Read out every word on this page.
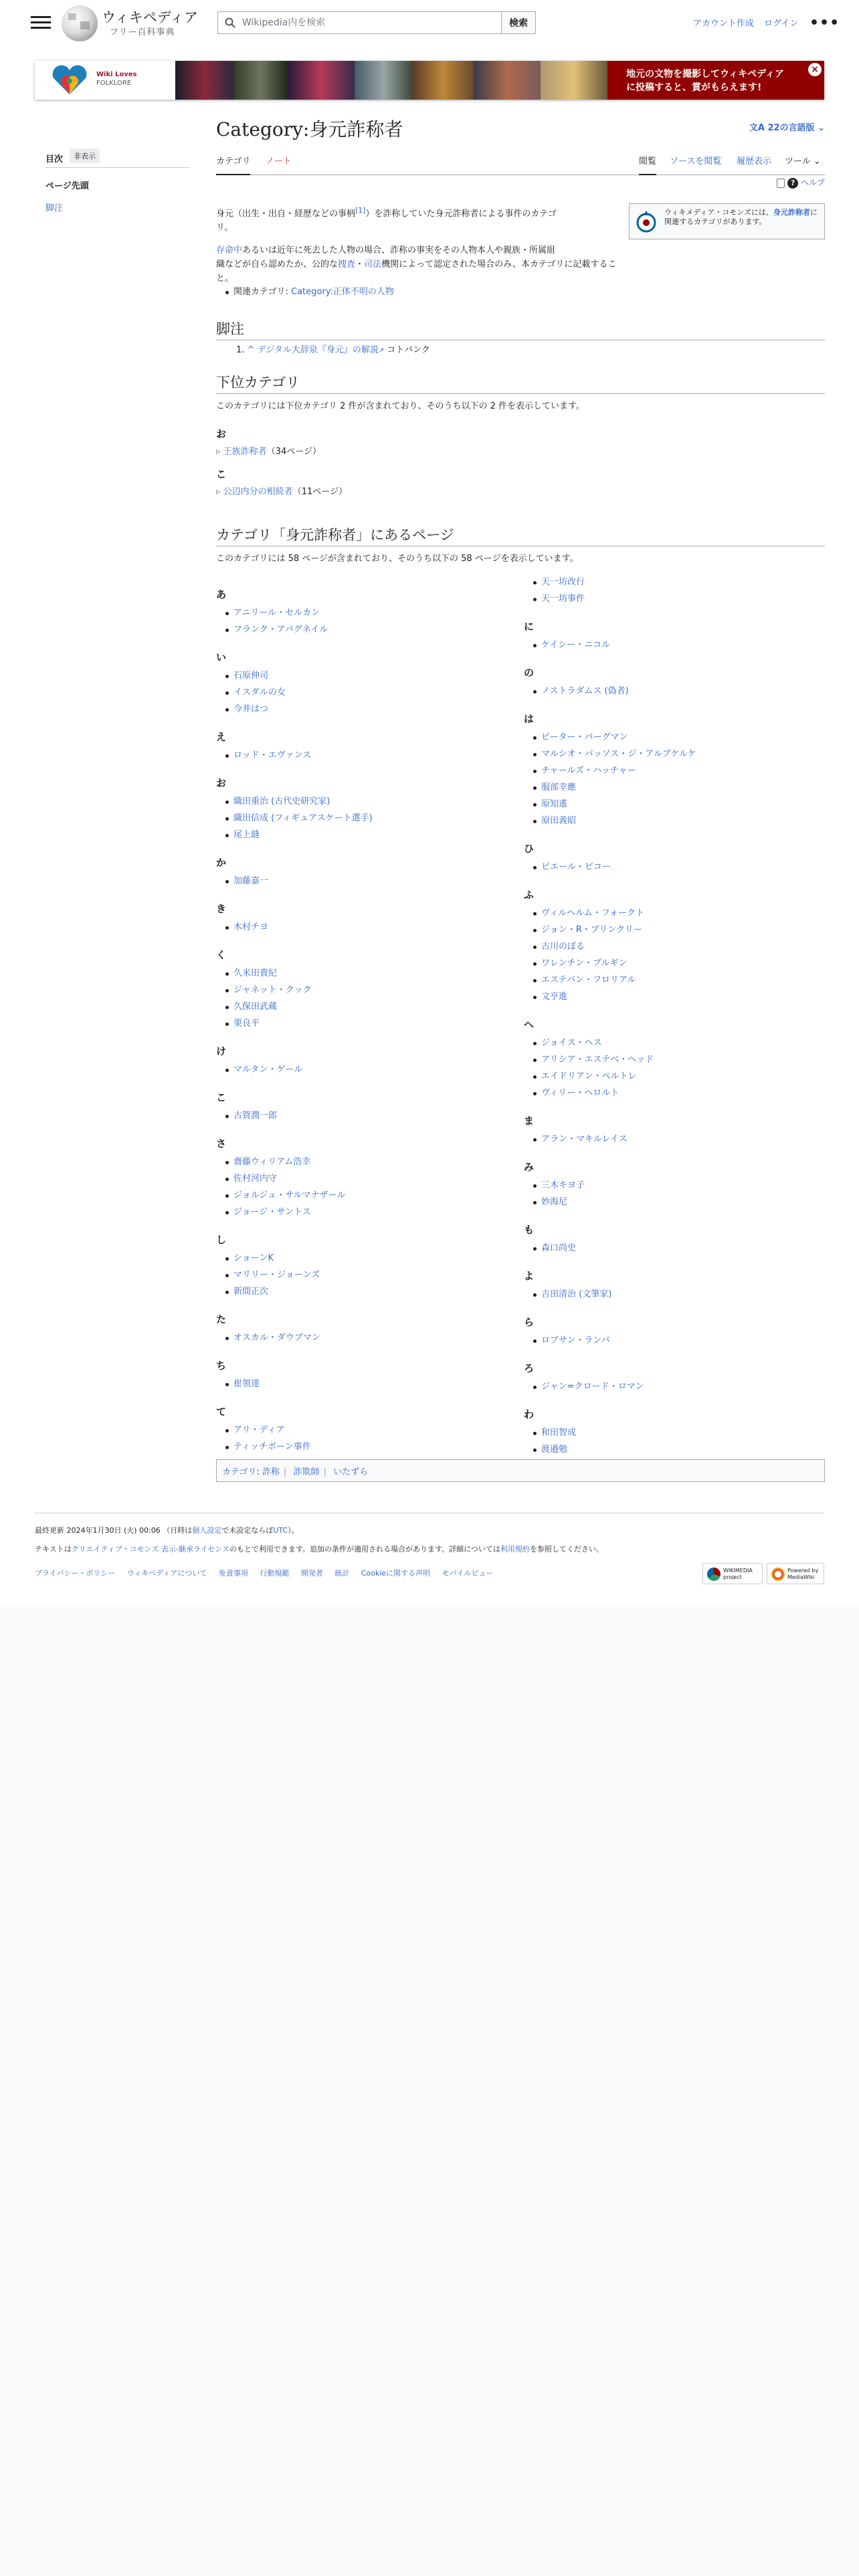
ウィキペディア
フリー百科事典
Wikipedia内を検索
検索	アカウント作成 ログイン •••
Wiki Loves
FOLKLORE
地元の文物を撮影してウィキペディア
に投稿すると、賞がもらえます!
×
目次	非表示
ページ先頭
脚注
Category:身元詐称者	文A 22の言語版 ⌄
カテゴリ ノート	閲覧 ソースを閲覧 履歴表示 ツール ⌄
? ヘルプ
ウィキメディア・コモンズには、身元詐称者に関連するカテゴリがあります。
身元（出生・出自・経歴などの事柄[1]）を詐称していた身元詐称者による事件のカテゴ
リ。
存命中あるいは近年に死去した人物の場合、詐称の事実をその人物本人や親族・所属組
織などが自ら認めたか、公的な捜査・司法機関によって認定された場合のみ、本カテゴリに記載すること。
関連カテゴリ: Category:正体不明の人物
脚注
1. ^ デジタル大辞泉『身元』の解説↗ コトバンク
下位カテゴリ
このカテゴリには下位カテゴリ 2 件が含まれており、そのうち以下の 2 件を表示しています。
お
▹ 王族詐称者（34ページ）
こ
▹ 公辺内分の相続者（11ページ）
カテゴリ「身元詐称者」にあるページ
このカテゴリには 58 ページが含まれており、そのうち以下の 58 ページを表示しています。
あ
アニリール・セルカン
フランク・アバグネイル
い
石原伸司
イスダルの女
今井はつ
え
ロッド・エヴァンス
お
織田重治 (古代史研究家)
織田信成 (フィギュアスケート選手)
尾上縫
か
加藤嘉一
き
木村チヨ
く
久米田貴紀
ジャネット・クック
久保田武蔵
栗良平
け
マルタン・ゲール
こ
古賀潤一郎
さ
齋藤ウィリアム浩幸
佐村河内守
ジョルジュ・サルマナザール
ジョージ・サントス
し
ショーンK
マリリー・ジョーンズ
新間正次
た
オスカル・ダウブマン
ち
崔領達
て
アリ・ディア
ティッチボーン事件
天一坊改行
天一坊事件
に
ケイシー・ニコル
の
ノストラダムス (偽者)
は
ピーター・バーグマン
マルシオ・パッソス・ジ・アルブケルケ
チャールズ・ハッチャー
服部幸應
原知遙
原田義昭
ひ
ピエール・ピコー
ふ
ヴィルヘルム・フォークト
ジョン・R・ブリンクリー
古川のぼる
ワレンチン・ブルギン
エステバン・フロリアル
文亨進
へ
ジョイス・ヘス
アリシア・エステベ・ヘッド
エイドリアン・ペルトレ
ヴィリー・ヘロルト
ま
アラン・マキルレイス
み
三木キヨ子
妙海尼
も
森口尚史
よ
吉田清治 (文筆家)
ら
ロブサン・ランパ
ろ
ジャン=クロード・ロマン
わ
和田智成
渡邉勉
カテゴリ: 詐称 | 詐欺師 | いたずら
最終更新 2024年1月30日 (火) 00:06 （日時は個人設定で未設定ならばUTC）。
テキストはクリエイティブ・コモンズ 表示-継承ライセンスのもとで利用できます。追加の条件が適用される場合があります。詳細については利用規約を参照してください。
プライバシー・ポリシー ウィキペディアについて 免責事項 行動規範 開発者 統計 Cookieに関する声明 モバイルビュー	WIKIMEDIA
project
Powered by
MediaWiki
